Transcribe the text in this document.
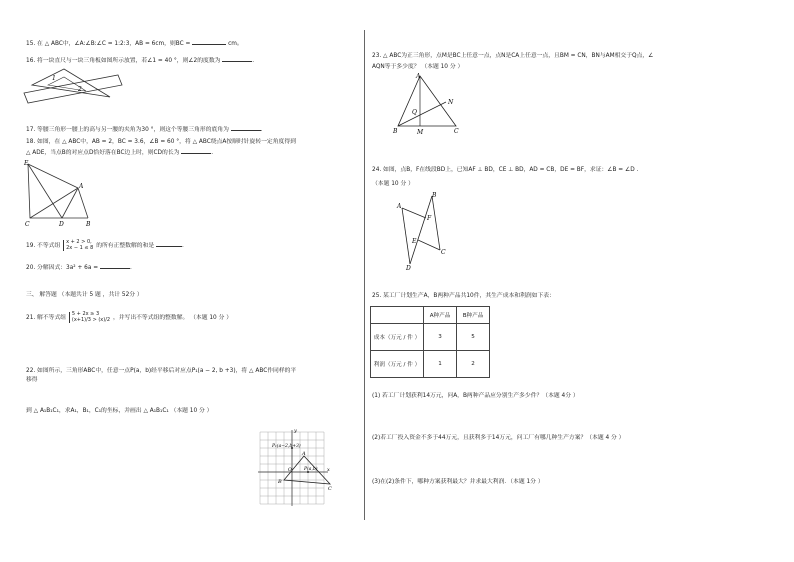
15. 在 △ ABC中，∠A:∠B:∠C = 1:2:3，AB = 6cm，则BC =	cm。
16. 将一块直尺与一块三角板如图所示放置，若∠1 = 40 °，则∠2的度数为	.
1
2
17. 等腰三角形一腰上的高与另一腰的夹角为30 °，则这个等腰三角形的底角为	.
18. 如图，在 △ ABC中，AB = 2，BC = 3.6，∠B = 60 °，将 △ ABC绕点A按顺时针旋转一定角度得到
△ ADE，当点B的对应点D恰好落在BC边上时，则CD的长为	.
E
A
C	D	B
19. 不等式组 x + 2 > 0,
2x − 1 ≤ 8 的所有正整数解的和是	.
20. 分解因式：3a² + 6a =	.
三、 解答题 （本题共计 5 题 ，共计 52分 ）
21. 解不等式组 5 + 2x ≥ 3
(x+1)/3 > (x)/2 ，并写出不等式组的整数解。 （本题 10 分 ）
22. 如图所示，三角形ABC中，任意一点P(a，b)经平移后对应点P₁(a − 2, b +3)，将 △ ABC作同样的平
移得
到 △ A₁B₁C₁，求A₁，B₁，C₁的坐标，并画出 △ A₁B₁C₁ （本题 10 分 ）
y
x
O
P₁(a−2,b+3)
P(a,b)
A
B
C
23. △ ABC为正三角形，点M是BC上任意一点，点N是CA上任意一点，且BM = CN，BN与AM相交于Q点，∠
AQN等于多少度？ （本题 10 分 ）
A
B	C
M
N
Q
24. 如图，点B，F在线段BD上，已知AF ⊥ BD，CE ⊥ BD，AD = CB，DE = BF，求证：∠B = ∠D .
（本题 10 分 ）
B
A
F
E
C
D
25. 某工厂计划生产A，B两种产品共10件，其生产成本和利润如下表：
	A种产品	B种产品
成本（万元 / 件 ）	3	5
利润（万元 / 件 ）	1	2
(1) 若工厂计划获利14万元，问A，B两种产品应分别生产多少件？（本题 4分 ）
(2)若工厂投入资金不多于44万元，且获利多于14万元，问工厂有哪几种生产方案？（本题 4 分 ）
(3)在(2)条件下，哪种方案获利最大？并求最大利润．（本题 1分 ）
